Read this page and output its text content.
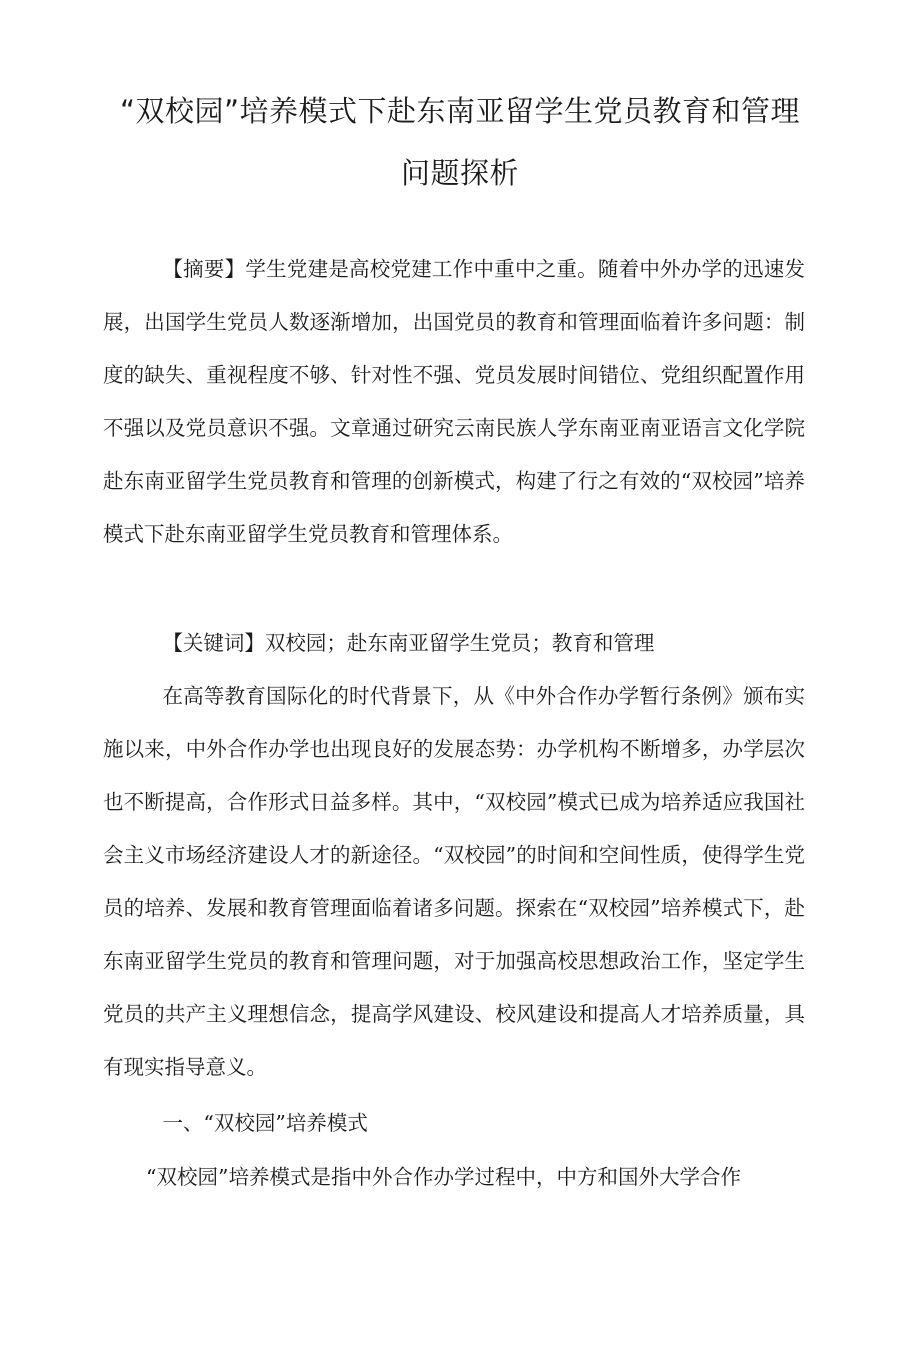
“双校园”培养模式下赴东南亚留学生党员教育和管理问题探析

【摘要】学生党建是高校党建工作中重中之重。随着中外办学的迅速发展，出国学生党员人数逐渐增加，出国党员的教育和管理面临着许多问题：制度的缺失、重视程度不够、针对性不强、党员发展时间错位、党组织配置作用不强以及党员意识不强。文章通过研究云南民族人学东南亚南亚语言文化学院赴东南亚留学生党员教育和管理的创新模式，构建了行之有效的“双校园”培养模式下赴东南亚留学生党员教育和管理体系。

【关键词】双校园；赴东南亚留学生党员；教育和管理

在高等教育国际化的时代背景下，从《中外合作办学暂行条例》颁布实施以来，中外合作办学也出现良好的发展态势：办学机构不断增多，办学层次也不断提高，合作形式日益多样。其中，“双校园”模式已成为培养适应我国社会主义市场经济建设人才的新途径。“双校园”的时间和空间性质，使得学生党员的培养、发展和教育管理面临着诸多问题。探索在“双校园”培养模式下，赴东南亚留学生党员的教育和管理问题，对于加强高校思想政治工作，坚定学生党员的共产主义理想信念，提高学风建设、校风建设和提高人才培养质量，具有现实指导意义。

一、“双校园”培养模式

“双校园”培养模式是指中外合作办学过程中，中方和国外大学合作
